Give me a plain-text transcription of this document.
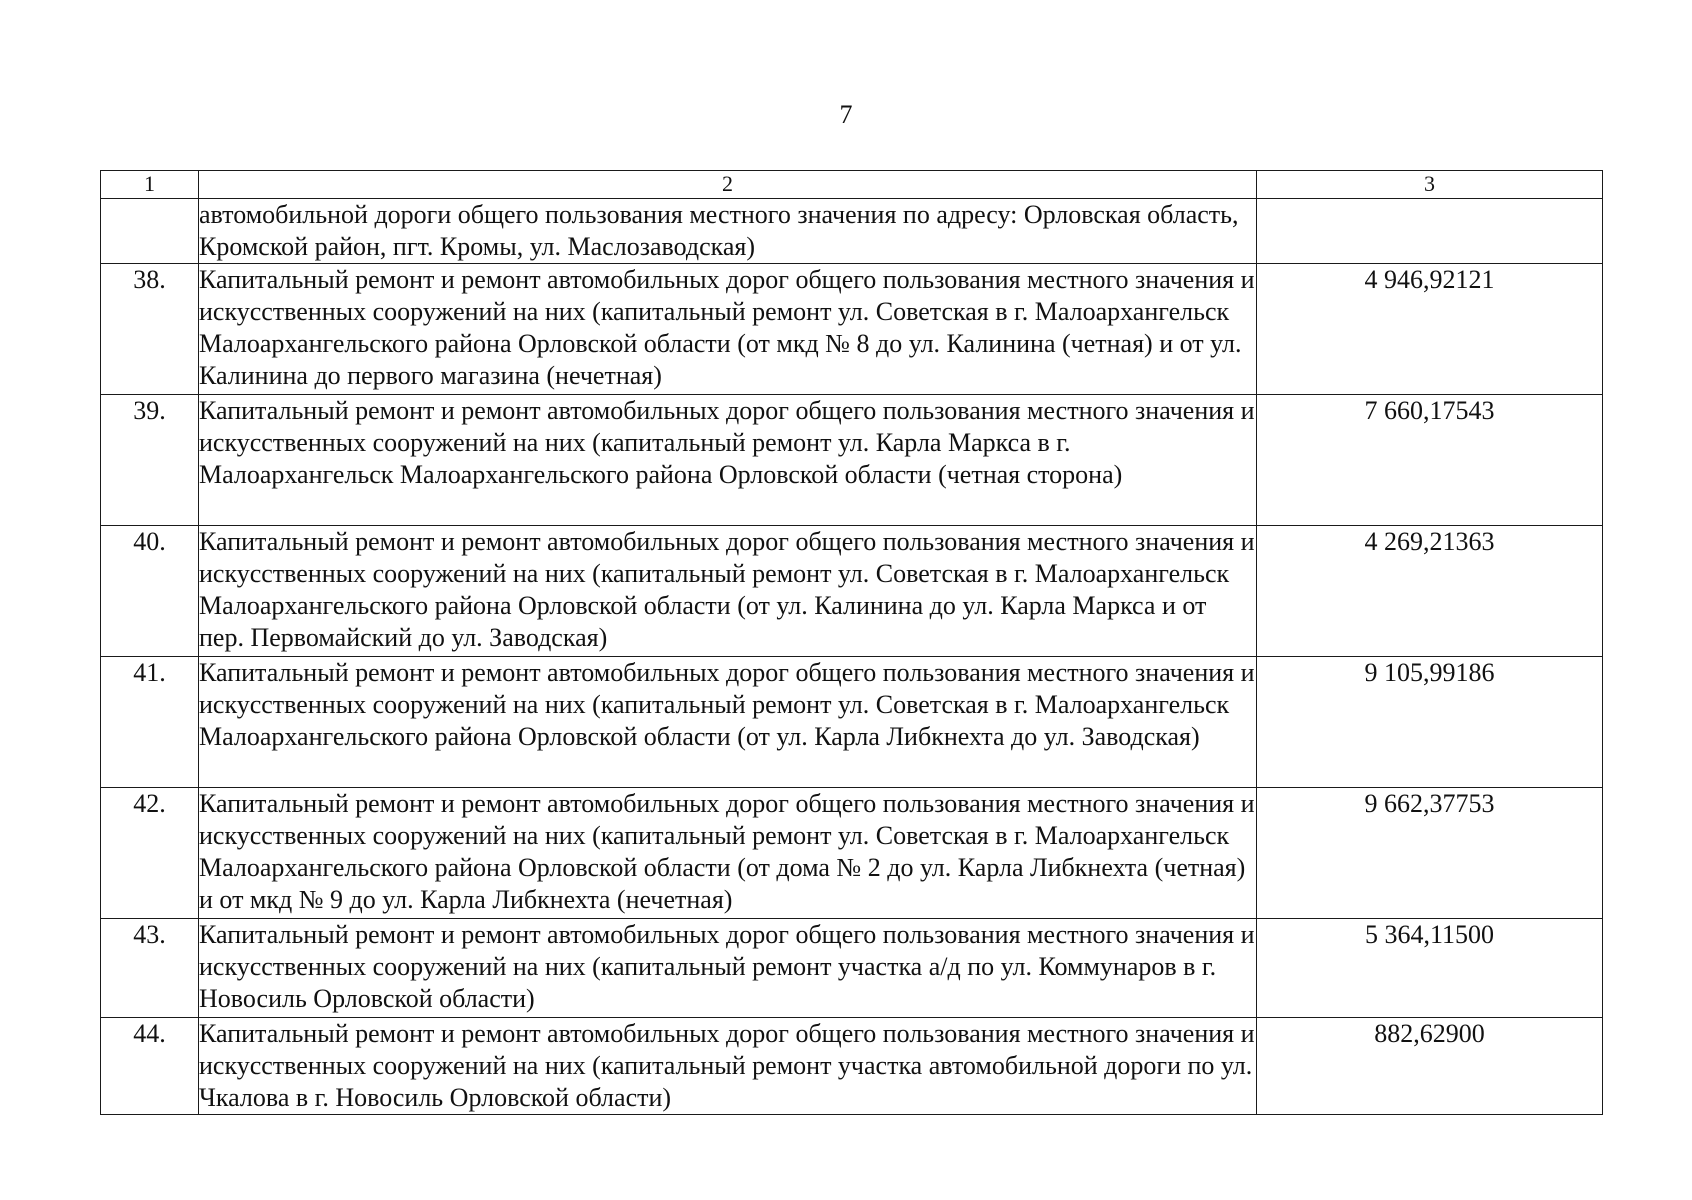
7
1	2	3
	автомобильной дороги общего пользования местного значения по адресу: Орловская область, Кромской район, пгт. Кромы, ул. Маслозаводская)	
38.	Капитальный ремонт и ремонт автомобильных дорог общего пользования местного значения и искусственных сооружений на них (капитальный ремонт ул. Советская в г. Малоархангельск Малоархангельского района Орловской области (от мкд № 8 до ул. Калинина (четная) и от ул. Калинина до первого магазина (нечетная)	4 946,92121
39.	Капитальный ремонт и ремонт автомобильных дорог общего пользования местного значения и искусственных сооружений на них (капитальный ремонт ул. Карла Маркса в г. Малоархангельск Малоархангельского района Орловской области (четная сторона)	7 660,17543
40.	Капитальный ремонт и ремонт автомобильных дорог общего пользования местного значения и искусственных сооружений на них (капитальный ремонт ул. Советская в г. Малоархангельск Малоархангельского района Орловской области (от ул. Калинина до ул. Карла Маркса и от пер. Первомайский до ул. Заводская)	4 269,21363
41.	Капитальный ремонт и ремонт автомобильных дорог общего пользования местного значения и искусственных сооружений на них (капитальный ремонт ул. Советская в г. Малоархангельск Малоархангельского района Орловской области (от ул. Карла Либкнехта до ул. Заводская)	9 105,99186
42.	Капитальный ремонт и ремонт автомобильных дорог общего пользования местного значения и искусственных сооружений на них (капитальный ремонт ул. Советская в г. Малоархангельск Малоархангельского района Орловской области (от дома № 2 до ул. Карла Либкнехта (четная) и от мкд № 9 до ул. Карла Либкнехта (нечетная)	9 662,37753
43.	Капитальный ремонт и ремонт автомобильных дорог общего пользования местного значения и искусственных сооружений на них (капитальный ремонт участка а/д по ул. Коммунаров в г. Новосиль Орловской области)	5 364,11500
44.	Капитальный ремонт и ремонт автомобильных дорог общего пользования местного значения и искусственных сооружений на них (капитальный ремонт участка автомобильной дороги по ул. Чкалова в г. Новосиль Орловской области)	882,62900
